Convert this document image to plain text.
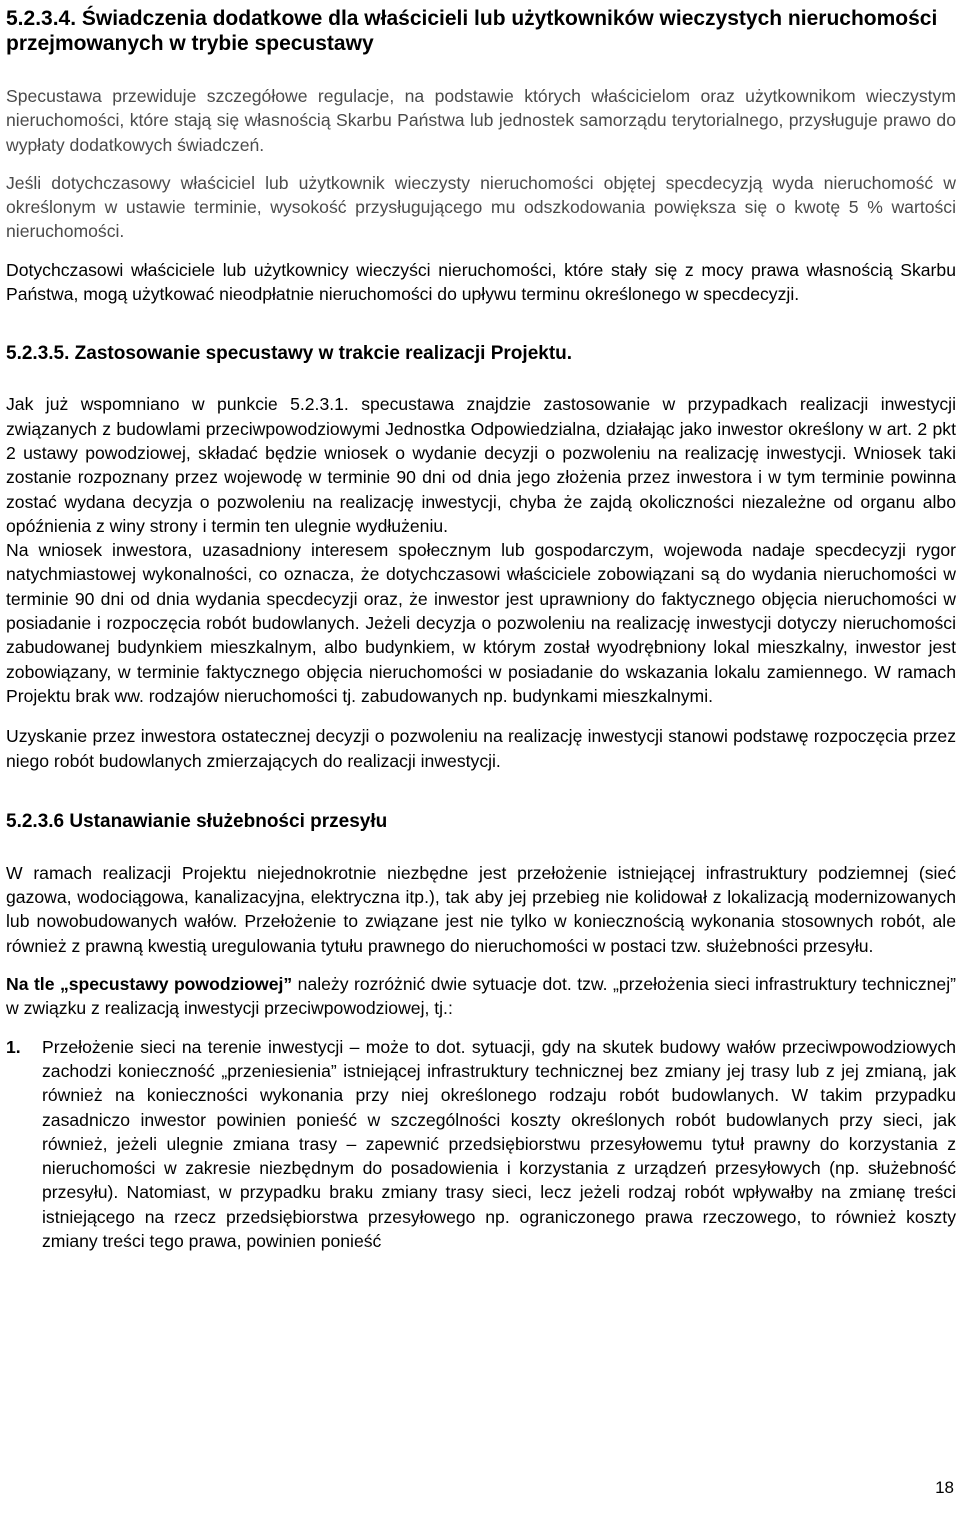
5.2.3.4. Świadczenia dodatkowe dla właścicieli lub użytkowników wieczystych nieruchomości przejmowanych w trybie specustawy

Specustawa przewiduje szczegółowe regulacje, na podstawie których właścicielom oraz użytkownikom wieczystym nieruchomości, które stają się własnością Skarbu Państwa lub jednostek samorządu terytorialnego, przysługuje prawo do wypłaty dodatkowych świadczeń.

Jeśli dotychczasowy właściciel lub użytkownik wieczysty nieruchomości objętej specdecyzją wyda nieruchomość w określonym w ustawie terminie, wysokość przysługującego mu odszkodowania powiększa się o kwotę 5 % wartości nieruchomości.

Dotychczasowi właściciele lub użytkownicy wieczyści nieruchomości, które stały się z mocy prawa własnością Skarbu Państwa, mogą użytkować nieodpłatnie nieruchomości do upływu terminu określonego w specdecyzji.

5.2.3.5. Zastosowanie specustawy w trakcie realizacji Projektu.

Jak już wspomniano w punkcie 5.2.3.1. specustawa znajdzie zastosowanie w przypadkach realizacji inwestycji związanych z budowlami przeciwpowodziowymi Jednostka Odpowiedzialna, działając jako inwestor określony w art. 2 pkt 2 ustawy powodziowej, składać będzie wniosek o wydanie decyzji o pozwoleniu na realizację inwestycji. Wniosek taki zostanie rozpoznany przez wojewodę w terminie 90 dni od dnia jego złożenia przez inwestora i w tym terminie powinna zostać wydana decyzja o pozwoleniu na realizację inwestycji, chyba że zajdą okoliczności niezależne od organu albo opóźnienia z winy strony i termin ten ulegnie wydłużeniu.

Na wniosek inwestora, uzasadniony interesem społecznym lub gospodarczym, wojewoda nadaje specdecyzji rygor natychmiastowej wykonalności, co oznacza, że dotychczasowi właściciele zobowiązani są do wydania nieruchomości w terminie 90 dni od dnia wydania specdecyzji oraz, że inwestor jest uprawniony do faktycznego objęcia nieruchomości w posiadanie i rozpoczęcia robót budowlanych. Jeżeli decyzja o pozwoleniu na realizację inwestycji dotyczy nieruchomości zabudowanej budynkiem mieszkalnym, albo budynkiem, w którym został wyodrębniony lokal mieszkalny, inwestor jest zobowiązany, w terminie faktycznego objęcia nieruchomości w posiadanie do wskazania lokalu zamiennego. W ramach Projektu brak ww. rodzajów nieruchomości tj. zabudowanych np. budynkami mieszkalnymi.

Uzyskanie przez inwestora ostatecznej decyzji o pozwoleniu na realizację inwestycji stanowi podstawę rozpoczęcia przez niego robót budowlanych zmierzających do realizacji inwestycji.

5.2.3.6 Ustanawianie służebności przesyłu

W ramach realizacji Projektu niejednokrotnie niezbędne jest przełożenie istniejącej infrastruktury podziemnej (sieć gazowa, wodociągowa, kanalizacyjna, elektryczna itp.), tak aby jej przebieg nie kolidował z lokalizacją modernizowanych lub nowobudowanych wałów. Przełożenie to związane jest nie tylko w koniecznością wykonania stosownych robót, ale również z prawną kwestią uregulowania tytułu prawnego do nieruchomości w postaci tzw. służebności przesyłu.

Na tle „specustawy powodziowej” należy rozróżnić dwie sytuacje dot. tzw. „przełożenia sieci infrastruktury technicznej” w związku z realizacją inwestycji przeciwpowodziowej, tj.:

1. Przełożenie sieci na terenie inwestycji – może to dot. sytuacji, gdy na skutek budowy wałów przeciwpowodziowych zachodzi konieczność „przeniesienia” istniejącej infrastruktury technicznej bez zmiany jej trasy lub z jej zmianą, jak również na konieczności wykonania przy niej określonego rodzaju robót budowlanych. W takim przypadku zasadniczo inwestor powinien ponieść w szczególności koszty określonych robót budowlanych przy sieci, jak również, jeżeli ulegnie zmiana trasy – zapewnić przedsiębiorstwu przesyłowemu tytuł prawny do korzystania z nieruchomości w zakresie niezbędnym do posadowienia i korzystania z urządzeń przesyłowych (np. służebność przesyłu). Natomiast, w przypadku braku zmiany trasy sieci, lecz jeżeli rodzaj robót wpływałby na zmianę treści istniejącego na rzecz przedsiębiorstwa przesyłowego np. ograniczonego prawa rzeczowego, to również koszty zmiany treści tego prawa, powinien ponieść
18
